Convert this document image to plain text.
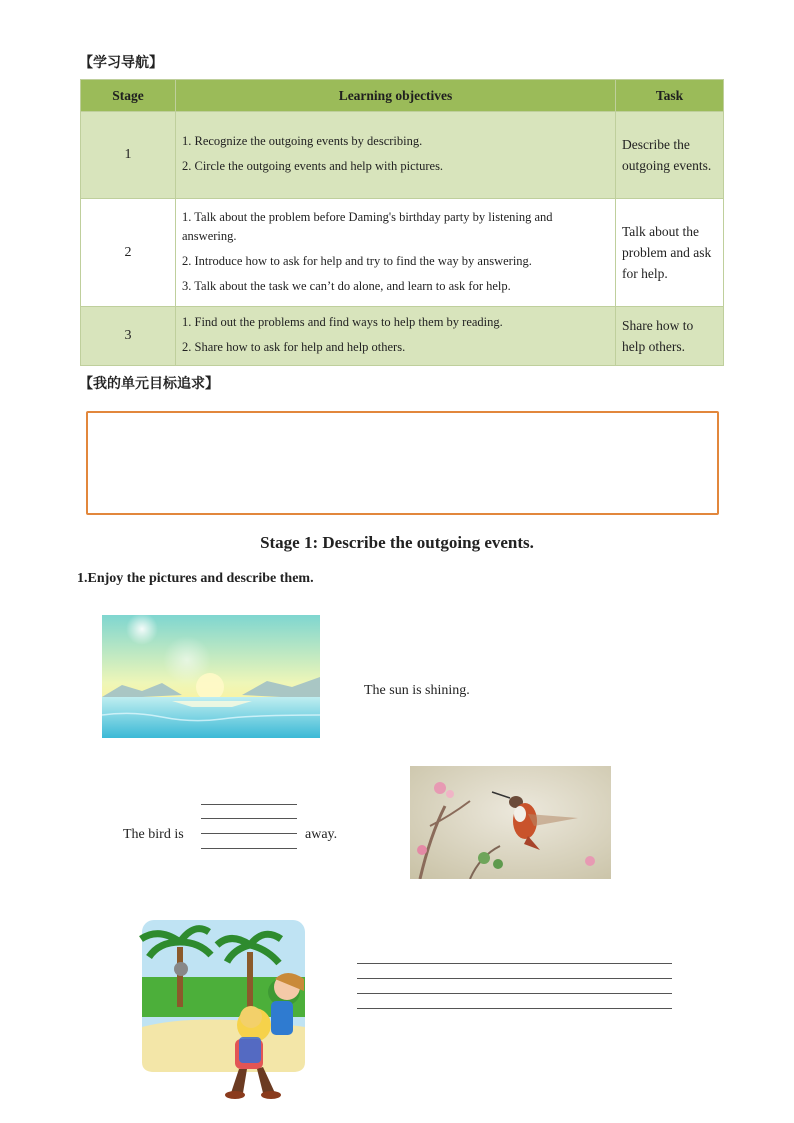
【学习导航】
Stage	Learning objectives	Task
1	1. Recognize the outgoing events by describing.

2. Circle the outgoing events and help with pictures.	Describe the outgoing events.
2	1. Talk about the problem before Daming's birthday party by listening and answering.

2. Introduce how to ask for help and try to find the way by answering.

3. Talk about the task we can’t do alone, and learn to ask for help.	Talk about the problem and ask for help.
3	1. Find out the problems and find ways to help them by reading.

2. Share how to ask for help and help others.	Share how to help others.
【我的单元目标追求】
Stage 1: Describe the outgoing events.
1.Enjoy the pictures and describe them.
The sun is shining.
The bird is	away.
